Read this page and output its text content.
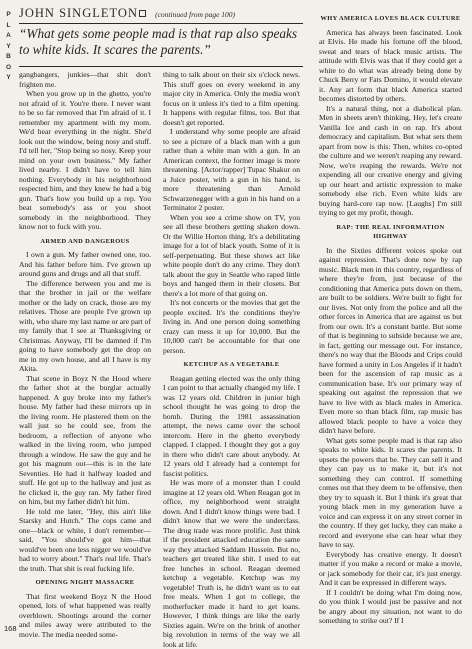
P
L
A
Y
B
O
Y
JOHN SINGLETON (continued from page 100)
“What gets some people mad is that rap also speaks to white kids. It scares the parents.”

gangbangers, junkies—that shit don't frighten me.

When you grow up in the ghetto, you're not afraid of it. You're there. I never want to be so far removed that I'm afraid of it. I remember my apartment with my mom. We'd hear everything in the night. She'd look out the window, being nosy and stuff. I'd tell her, "Stop being so nosy. Keep your mind on your own business." My father lived nearby. I didn't have to tell him nothing. Everybody in his neighborhood respected him, and they knew he had a big gun. That's how you build up a rep. You beat somebody's ass or you shoot somebody in the neighborhood. They know not to fuck with you.

ARMED AND DANGEROUS

I own a gun. My father owned one, too. And his father before him. I've grown up around guns and drugs and all that stuff.

The difference between you and me is that the brother in jail or the welfare mother or the lady on crack, those are my relatives. Those are people I've grown up with, who share my last name or are part of my family that I see at Thanksgiving or Christmas. Anyway, I'll be damned if I'm going to have somebody get the drop on me in my own house, and all I have is my Akita.

That scene in Boyz N the Hood where the father shot at the burglar actually happened. A guy broke into my father's house. My father had these mirrors up in the living room. He plastered them on the wall just so he could see, from the bedroom, a reflection of anyone who walked in the living room, who jumped through a window. He saw the guy and he got his magnum out—this is in the late Seventies. He had it halfway loaded and stuff. He got up to the hallway and just as he clicked it, the guy ran. My father fired on him, but my father didn't hit him.

He told me later, "Hey, this ain't like Starsky and Hutch." The cops came and one—black or white, I don't remember—said, "You should've got him—that would've been one less nigger we would've had to worry about." That's real life. That's the truth. That shit is real fucking life.

OPENING NIGHT MASSACRE

That first weekend Boyz N the Hood opened, lots of what happened was really overblown. Shootings around the corner and miles away were attributed to the movie. The media needed some-

thing to talk about on their six o'clock news. This stuff goes on every weekend in any major city in America. Only the media won't focus on it unless it's tied to a film opening. It happens with regular films, too. But that doesn't get reported.

I understand why some people are afraid to see a picture of a black man with a gun rather than a white man with a gun. In an American context, the former image is more threatening. [Actor/rapper] Tupac Shakur on a Juice poster, with a gun in his hand, is more threatening than Arnold Schwarzenegger with a gun in his hand on a Terminator 2 poster.

When you see a crime show on TV, you see all these brothers getting shaken down. Or the Willie Horton thing. It's a debilitating image for a lot of black youth. Some of it is self-perpetuating. But these shows act like white people don't do any crime. They don't talk about the guy in Seattle who raped little boys and hanged them in their closets. But there's a lot more of that going on.

It's not concerts or the movies that get the people excited. It's the conditions they're living in. And one person doing something crazy can mess it up for 10,000. But the 10,000 can't be accountable for that one person.

KETCHUP AS A VEGETABLE

Reagan getting elected was the only thing I can point to that actually changed my life. I was 12 years old. Children in junior high school thought he was going to drop the bomb. During the 1981 assassination attempt, the news came over the school intercom. Here in the ghetto everybody clapped. I clapped. I thought they got a guy in there who didn't care about anybody. At 12 years old I already had a contempt for fascist politics.

He was more of a monster than I could imagine at 12 years old. When Reagan got in office, my neighborhood went straight down. And I didn't know things were bad. I didn't know that we were the underclass. The drug trade was more prolific. Just think if the president attacked education the same way they attacked Saddam Hussein. But no, teachers get treated like shit. I used to eat free lunches in school. Reagan deemed ketchup a vegetable. Ketchup was my vegetable! Truth is, he didn't want us to eat free meals. When I got to college, the motherfucker made it hard to get loans. However, I think things are like the early Sixties again. We're on the brink of another big revolution in terms of the way we all look at life.

WHY AMERICA LOVES BLACK CULTURE

America has always been fascinated. Look at Elvis. He made his fortune off the blood, sweat and tears of black music artists. The attitude with Elvis was that if they could get a white to do what was already being done by Chuck Berry or Fats Domino, it would elevate it. Any art form that black America started becomes distorted by others.

It's a natural thing, not a diabolical plan. Men in sheets aren't thinking, Hey, let's create Vanilla Ice and cash in on rap. It's about democracy and capitalism. But what sets them apart from now is this: Then, whites co-opted the culture and we weren't reaping any reward. Now, we're reaping the rewards. We're not expending all our creative energy and giving up our heart and artistic expression to make somebody else rich. Even white kids are buying hard-core rap now. [Laughs] I'm still trying to get my profit, though.

RAP: THE REAL INFORMATION HIGHWAY

In the Sixties different voices spoke out against repression. That's done now by rap music. Black men in this country, regardless of where they're from, just because of the conditioning that America puts down on them, are built to be soldiers. We're built to fight for our lives. Not only from the police and all the other forces in America that are against us but from our own. It's a constant battle. But some of that is beginning to subside because we are, in fact, getting our message out. For instance, there's no way that the Bloods and Crips could have formed a unity in Los Angeles if it hadn't been for the ascension of rap music as a communication base. It's our primary way of speaking out against the repression that we have to live with as black males in America. Even more so than black film, rap music has allowed black people to have a voice they didn't have before.

What gets some people mad is that rap also speaks to white kids. It scares the parents. It upsets the powers that be. They can sell it and they can pay us to make it, but it's not something they can control. If something comes out that they deem to be offensive, then they try to squash it. But I think it's great that young black men in my generation have a voice and can express it on any street corner in the country. If they get lucky, they can make a record and everyone else can hear what they have to say.

Everybody has creative energy. It doesn't matter if you make a record or make a movie, or jack somebody for their car, it's just energy. And it can be expressed in different ways.

If I couldn't be doing what I'm doing now, do you think I would just be passive and not be angry about my situation, not want to do something to strike out? If I

168
